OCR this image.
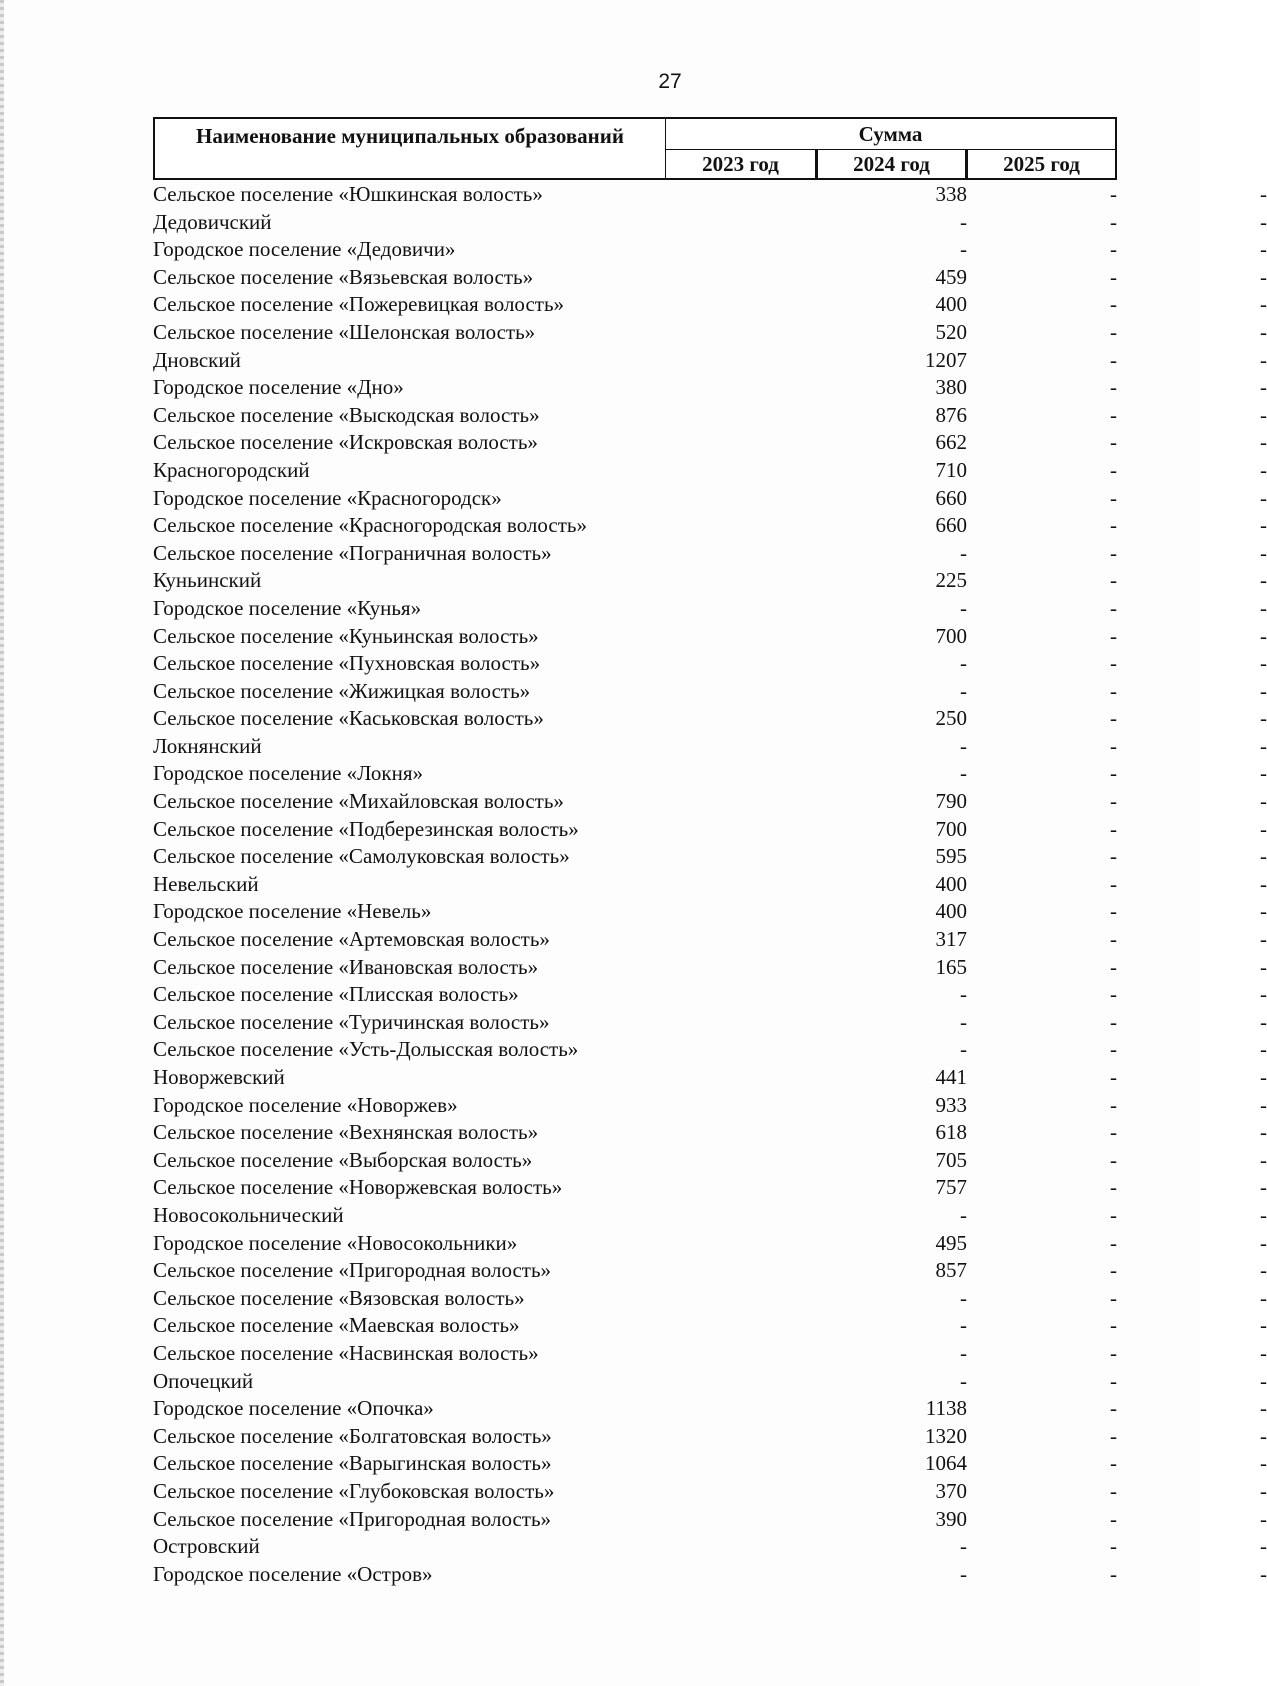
27
Наименование муниципальных образований	Сумма
2023 год	2024 год	2025 год
Сельское поселение «Юшкинская волость»	338	-	-
Дедовичский	-	-	-
Городское поселение «Дедовичи»	-	-	-
Сельское поселение «Вязьевская волость»	459	-	-
Сельское поселение «Пожеревицкая волость»	400	-	-
Сельское поселение «Шелонская волость»	520	-	-
Дновский	1207	-	-
Городское поселение «Дно»	380	-	-
Сельское поселение «Выскодская волость»	876	-	-
Сельское поселение «Искровская волость»	662	-	-
Красногородский	710	-	-
Городское поселение «Красногородск»	660	-	-
Сельское поселение «Красногородская волость»	660	-	-
Сельское поселение «Пограничная волость»	-	-	-
Куньинский	225	-	-
Городское поселение «Кунья»	-	-	-
Сельское поселение «Куньинская волость»	700	-	-
Сельское поселение «Пухновская волость»	-	-	-
Сельское поселение «Жижицкая волость»	-	-	-
Сельское поселение «Каськовская волость»	250	-	-
Локнянский	-	-	-
Городское поселение «Локня»	-	-	-
Сельское поселение «Михайловская волость»	790	-	-
Сельское поселение «Подберезинская волость»	700	-	-
Сельское поселение «Самолуковская волость»	595	-	-
Невельский	400	-	-
Городское поселение «Невель»	400	-	-
Сельское поселение «Артемовская волость»	317	-	-
Сельское поселение «Ивановская волость»	165	-	-
Сельское поселение «Плисская волость»	-	-	-
Сельское поселение «Туричинская волость»	-	-	-
Сельское поселение «Усть-Долысская волость»	-	-	-
Новоржевский	441	-	-
Городское поселение «Новоржев»	933	-	-
Сельское поселение «Вехнянская волость»	618	-	-
Сельское поселение «Выборская волость»	705	-	-
Сельское поселение «Новоржевская волость»	757	-	-
Новосокольнический	-	-	-
Городское поселение «Новосокольники»	495	-	-
Сельское поселение «Пригородная волость»	857	-	-
Сельское поселение «Вязовская волость»	-	-	-
Сельское поселение «Маевская волость»	-	-	-
Сельское поселение «Насвинская волость»	-	-	-
Опочецкий	-	-	-
Городское поселение «Опочка»	1138	-	-
Сельское поселение «Болгатовская волость»	1320	-	-
Сельское поселение «Варыгинская волость»	1064	-	-
Сельское поселение «Глубоковская волость»	370	-	-
Сельское поселение «Пригородная волость»	390	-	-
Островский	-	-	-
Городское поселение «Остров»	-	-	-
